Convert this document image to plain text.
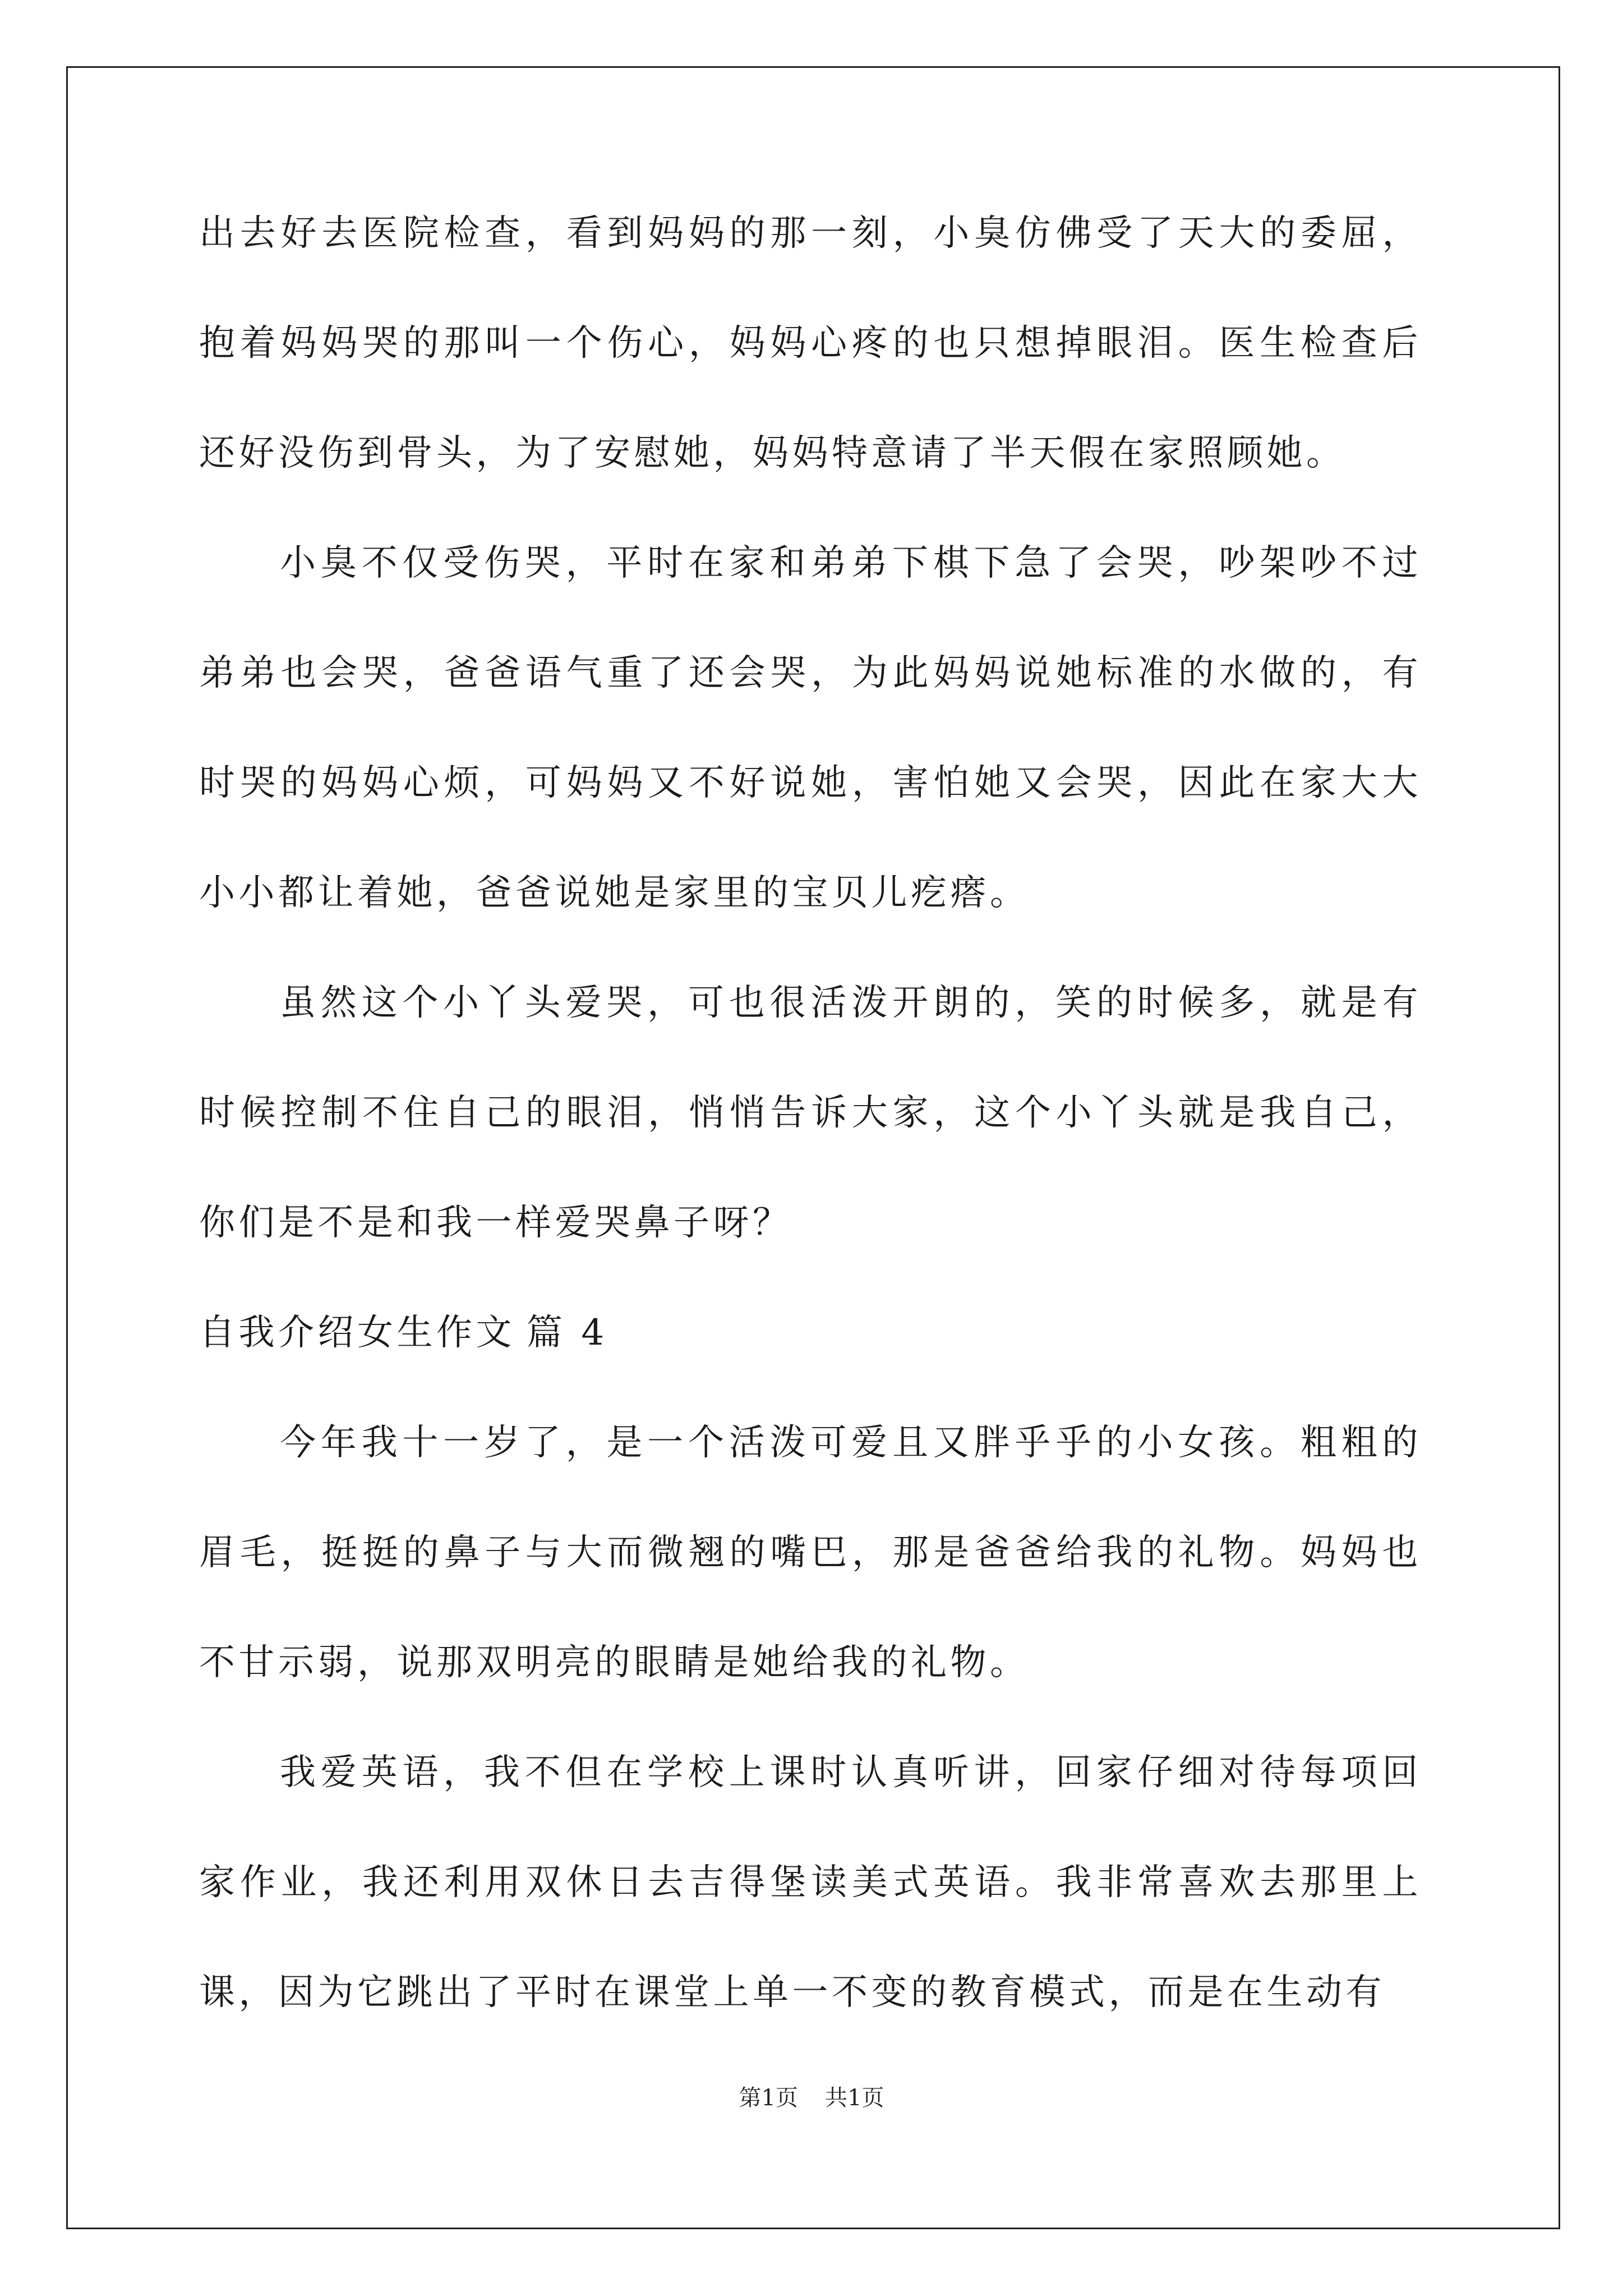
出去好去医院检查，看到妈妈的那一刻，小臭仿佛受了天大的委屈，抱着妈妈哭的那叫一个伤心，妈妈心疼的也只想掉眼泪。医生检查后还好没伤到骨头，为了安慰她，妈妈特意请了半天假在家照顾她。

小臭不仅受伤哭，平时在家和弟弟下棋下急了会哭，吵架吵不过弟弟也会哭，爸爸语气重了还会哭，为此妈妈说她标准的水做的，有时哭的妈妈心烦，可妈妈又不好说她，害怕她又会哭，因此在家大大小小都让着她，爸爸说她是家里的宝贝儿疙瘩。

虽然这个小丫头爱哭，可也很活泼开朗的，笑的时候多，就是有时候控制不住自己的眼泪，悄悄告诉大家，这个小丫头就是我自己，你们是不是和我一样爱哭鼻子呀？

自我介绍女生作文 篇 4

今年我十一岁了，是一个活泼可爱且又胖乎乎的小女孩。粗粗的眉毛，挺挺的鼻子与大而微翘的嘴巴，那是爸爸给我的礼物。妈妈也不甘示弱，说那双明亮的眼睛是她给我的礼物。

我爱英语，我不但在学校上课时认真听讲，回家仔细对待每项回家作业，我还利用双休日去吉得堡读美式英语。我非常喜欢去那里上课，因为它跳出了平时在课堂上单一不变的教育模式，而是在生动有

第1页 共1页
